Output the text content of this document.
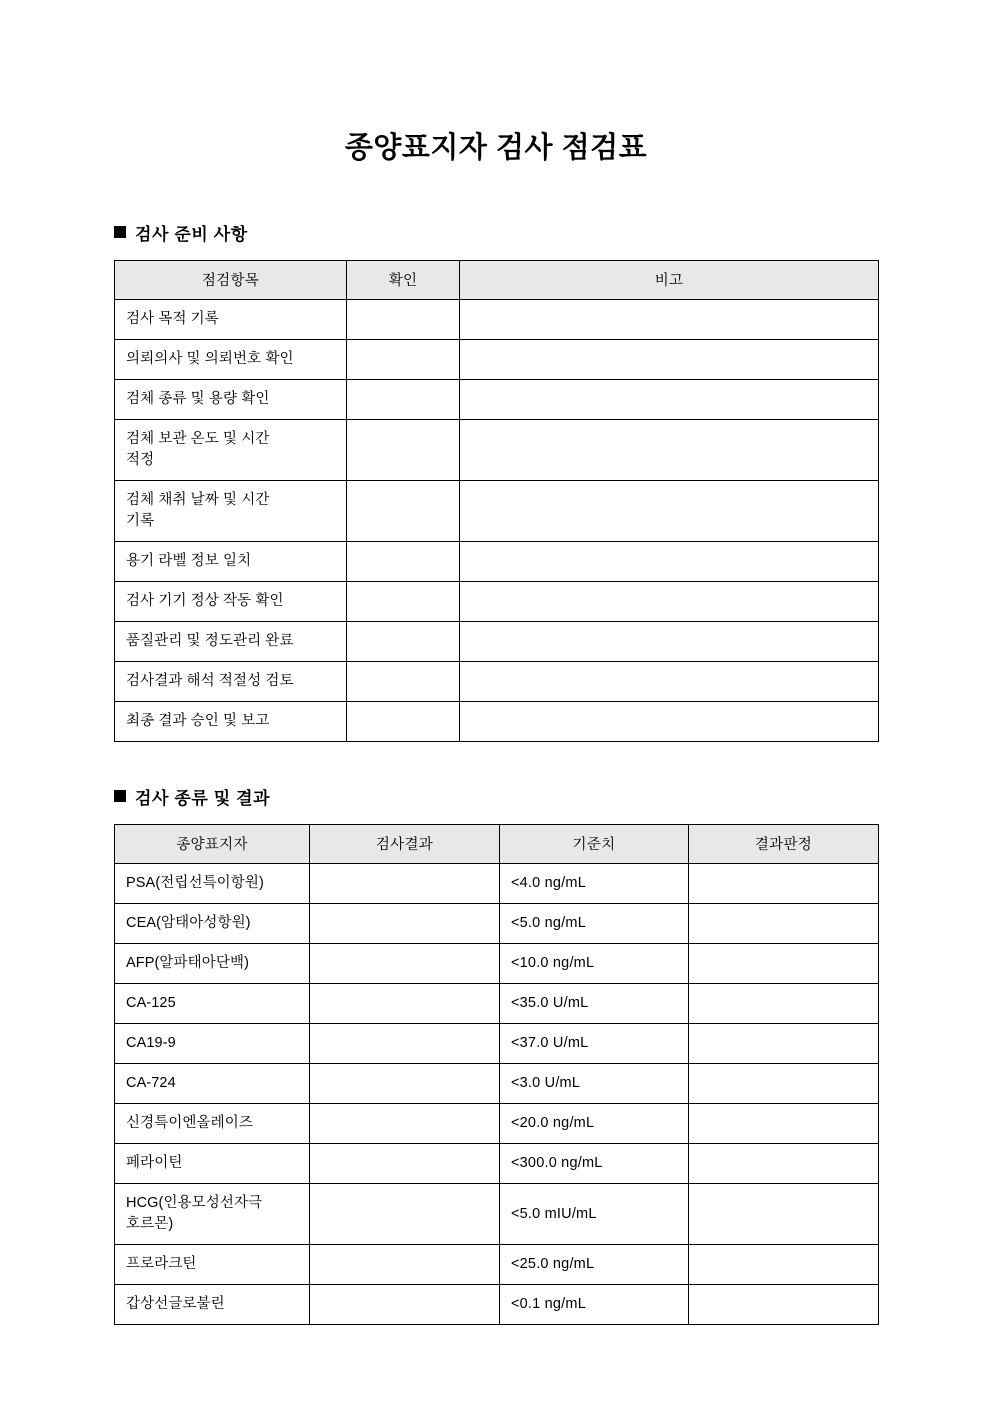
종양표지자 검사 점검표
검사 준비 사항
점검항목	확인	비고

검사 목적 기록		

의뢰의사 및 의뢰번호 확인		

검체 종류 및 용량 확인		

검체 보관 온도 및 시간
적정		

검체 채취 날짜 및 시간
기록		

용기 라벨 정보 일치		

검사 기기 정상 작동 확인		

품질관리 및 정도관리 완료		

검사결과 해석 적절성 검토		

최종 결과 승인 및 보고		

검사 종류 및 결과
종양표지자	검사결과	기준치	결과판정

PSA(전립선특이항원)		<4.0 ng/mL	

CEA(암태아성항원)		<5.0 ng/mL	

AFP(알파태아단백)		<10.0 ng/mL	

CA-125		<35.0 U/mL	

CA19-9		<37.0 U/mL	

CA-724		<3.0 U/mL	

신경특이엔올레이즈		<20.0 ng/mL	

페라이틴		<300.0 ng/mL	

HCG(인용모성선자극
호르몬)		<5.0 mIU/mL	

프로라크틴		<25.0 ng/mL	

갑상선글로불린		<0.1 ng/mL	
